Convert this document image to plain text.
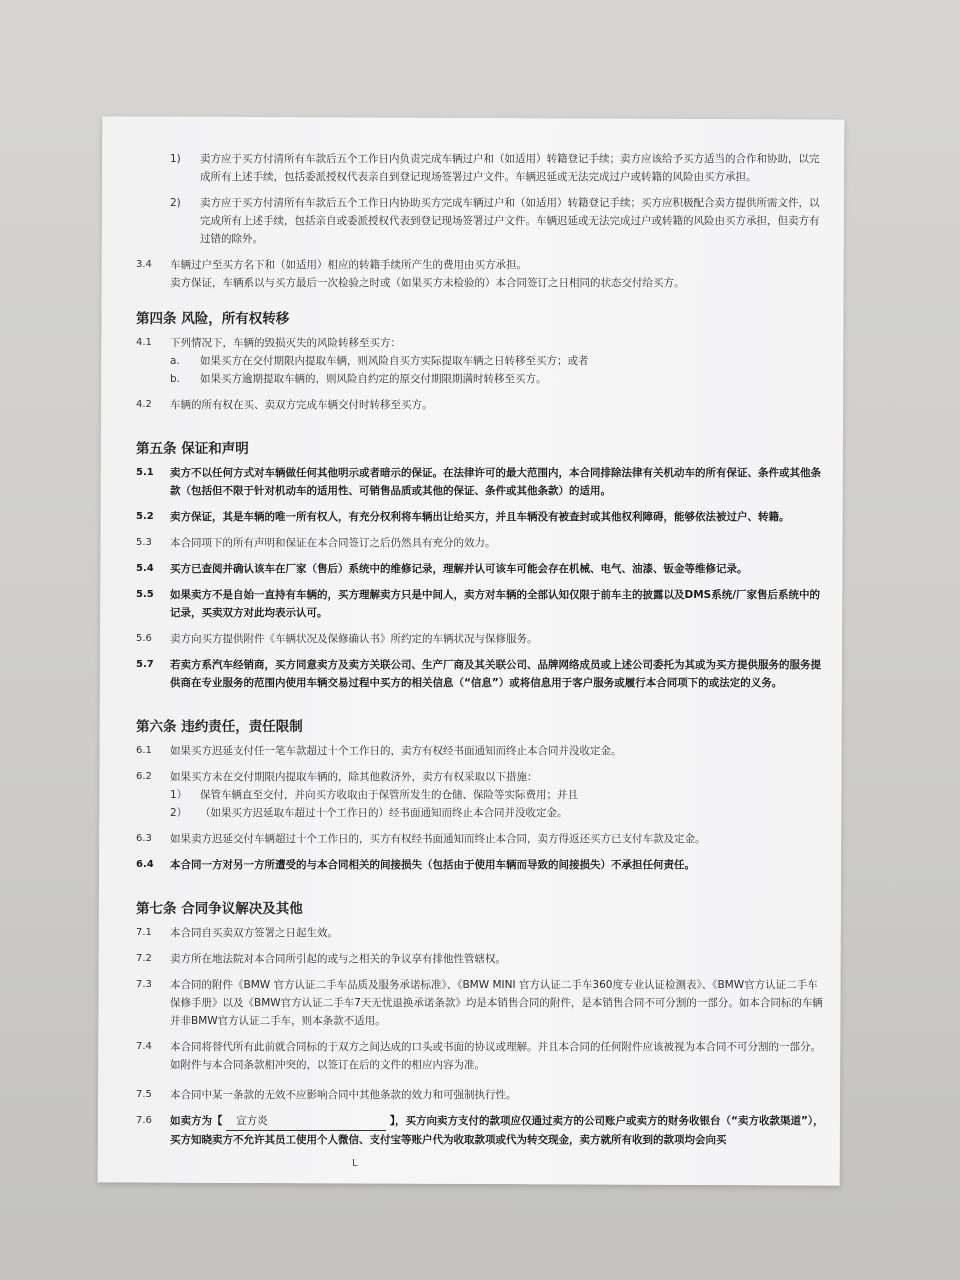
1)	卖方应于买方付清所有车款后五个工作日内负责完成车辆过户和（如适用）转籍登记手续；卖方应该给予买方适当的合作和协助，以完成所有上述手续，包括委派授权代表亲自到登记现场签署过户文件。车辆迟延或无法完成过户或转籍的风险由买方承担。
2)	卖方应于买方付清所有车款后五个工作日内协助买方完成车辆过户和（如适用）转籍登记手续；买方应积极配合卖方提供所需文件，以完成所有上述手续，包括亲自或委派授权代表到登记现场签署过户文件。车辆迟延或无法完成过户或转籍的风险由买方承担，但卖方有过错的除外。
3.4	车辆过户至买方名下和（如适用）相应的转籍手续所产生的费用由买方承担。
卖方保证，车辆系以与买方最后一次检验之时或（如果买方未检验的）本合同签订之日相同的状态交付给买方。
第四条 风险，所有权转移
4.1	下列情况下，车辆的毁损灭失的风险转移至买方：
a.	如果买方在交付期限内提取车辆，则风险自买方实际提取车辆之日转移至买方；或者
b.	如果买方逾期提取车辆的，则风险自约定的原交付期限期满时转移至买方。
4.2	车辆的所有权在买、卖双方完成车辆交付时转移至买方。
第五条 保证和声明
5.1	卖方不以任何方式对车辆做任何其他明示或者暗示的保证。在法律许可的最大范围内，本合同排除法律有关机动车的所有保证、条件或其他条款（包括但不限于针对机动车的适用性、可销售品质或其他的保证、条件或其他条款）的适用。
5.2	卖方保证，其是车辆的唯一所有权人，有充分权利将车辆出让给买方，并且车辆没有被查封或其他权利障碍，能够依法被过户、转籍。
5.3	本合同项下的所有声明和保证在本合同签订之后仍然具有充分的效力。
5.4	买方已查阅并确认该车在厂家（售后）系统中的维修记录，理解并认可该车可能会存在机械、电气、油漆、钣金等维修记录。
5.5	如果卖方不是自始一直持有车辆的，买方理解卖方只是中间人，卖方对车辆的全部认知仅限于前车主的披露以及DMS系统/厂家售后系统中的记录，买卖双方对此均表示认可。
5.6	卖方向买方提供附件《车辆状况及保修确认书》所约定的车辆状况与保修服务。
5.7	若卖方系汽车经销商，买方同意卖方及卖方关联公司、生产厂商及其关联公司、品牌网络成员或上述公司委托为其或为买方提供服务的服务提供商在专业服务的范围内使用车辆交易过程中买方的相关信息（“信息”）或将信息用于客户服务或履行本合同项下的或法定的义务。
第六条 违约责任，责任限制
6.1	如果买方迟延支付任一笔车款超过十个工作日的，卖方有权经书面通知而终止本合同并没收定金。
6.2	如果买方未在交付期限内提取车辆的，除其他救济外，卖方有权采取以下措施：
1）	保管车辆直至交付，并向买方收取由于保管所发生的仓储、保险等实际费用；并且
2）	（如果买方迟延取车超过十个工作日的）经书面通知而终止本合同并没收定金。
6.3	如果卖方迟延交付车辆超过十个工作日的，买方有权经书面通知而终止本合同，卖方得返还买方已支付车款及定金。
6.4	本合同一方对另一方所遭受的与本合同相关的间接损失（包括由于使用车辆而导致的间接损失）不承担任何责任。
第七条 合同争议解决及其他
7.1	本合同自买卖双方签署之日起生效。
7.2	卖方所在地法院对本合同所引起的或与之相关的争议享有排他性管辖权。
7.3	本合同的附件《BMW 官方认证二手车品质及服务承诺标准》、《BMW MINI 官方认证二手车360度专业认证检测表》、《BMW官方认证二手车保修手册》以及《BMW官方认证二手车7天无忧退换承诺条款》均是本销售合同的附件，是本销售合同不可分割的一部分。如本合同标的车辆并非BMW官方认证二手车，则本条款不适用。
7.4	本合同将替代所有此前就合同标的于双方之间达成的口头或书面的协议或理解。并且本合同的任何附件应该被视为本合同不可分割的一部分。如附件与本合同条款相冲突的，以签订在后的文件的相应内容为准。
7.5	本合同中某一条款的无效不应影响合同中其他条款的效力和可强制执行性。
7.6	如卖方为【 宣方炎	】，买方向卖方支付的款项应仅通过卖方的公司账户或卖方的财务收银台（“卖方收款渠道”），买方知晓卖方不允许其员工使用个人微信、支付宝等账户代为收取款项或代为转交现金，卖方就所有收到的款项均会向买
L
